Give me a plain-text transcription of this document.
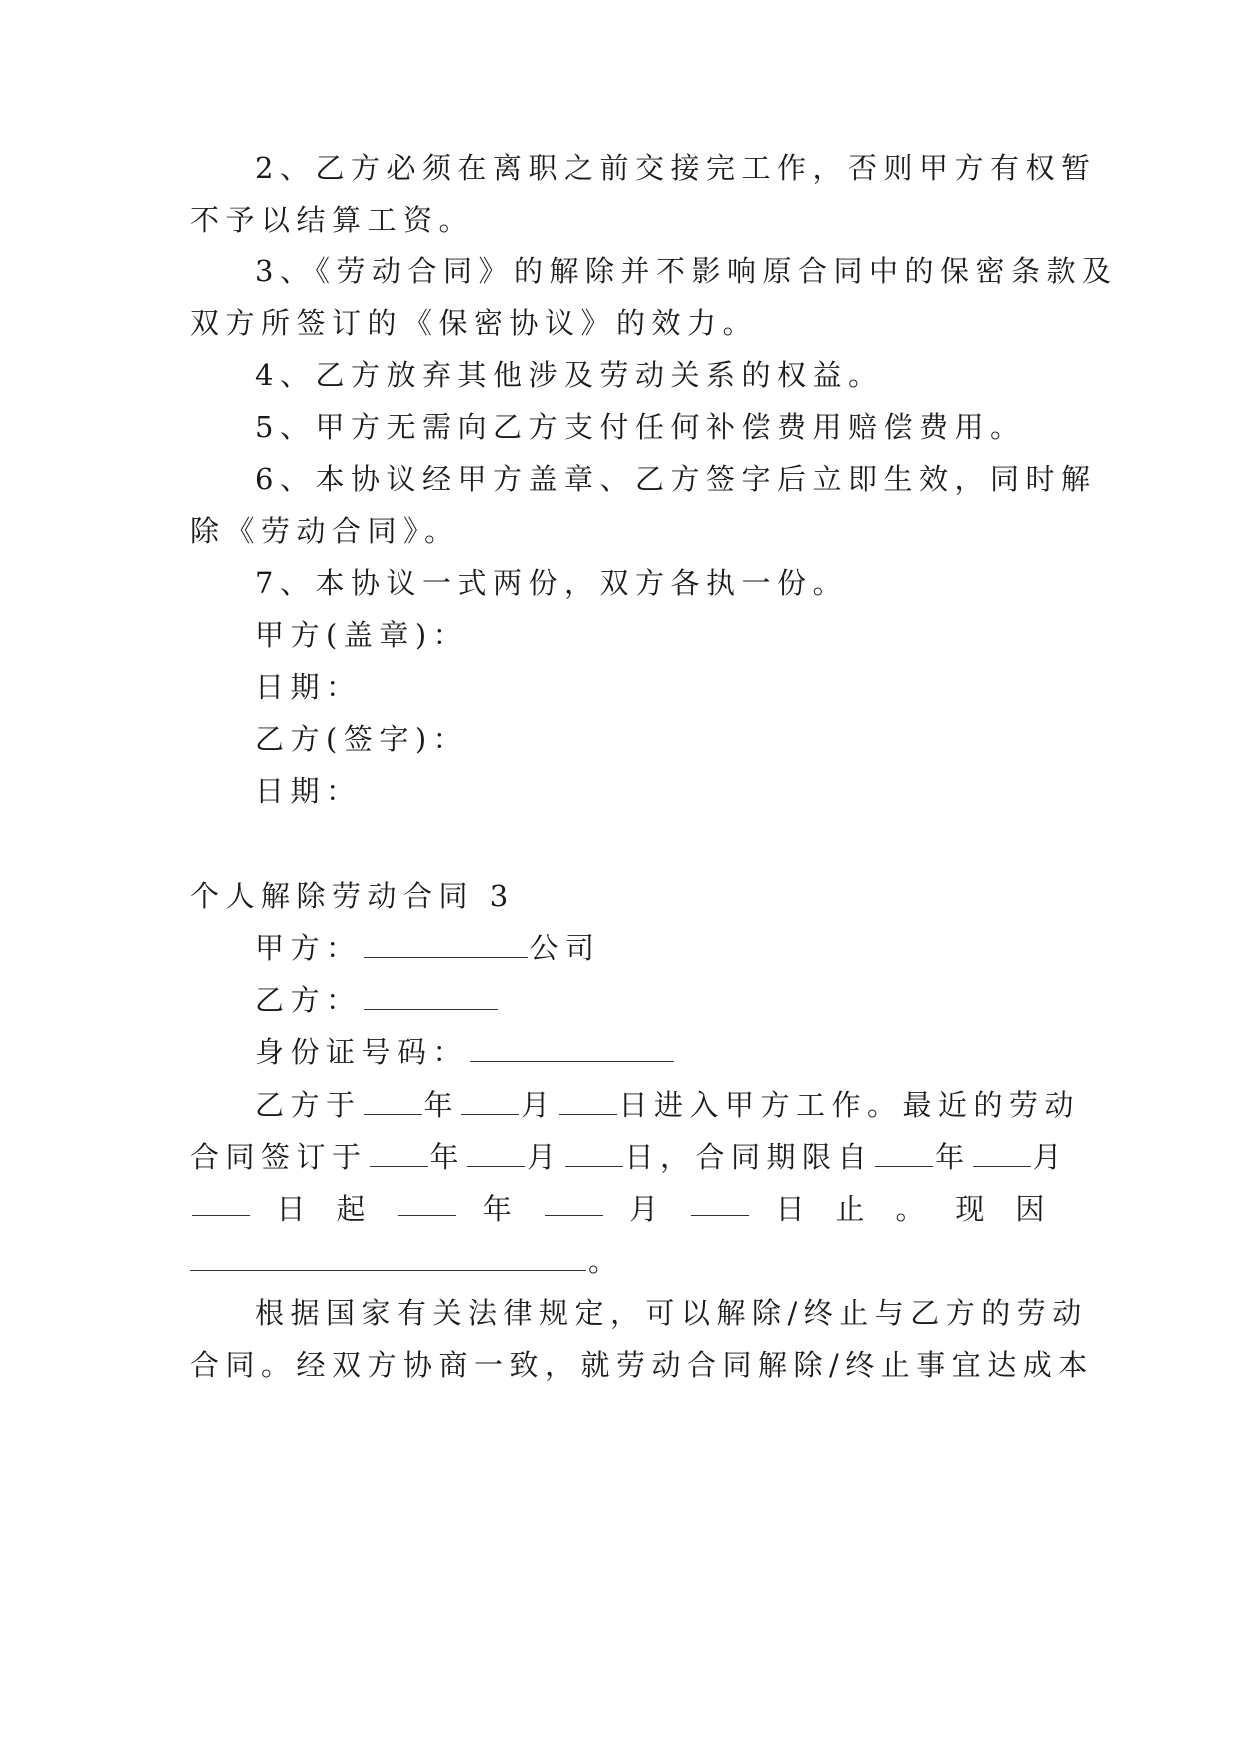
2、乙方必须在离职之前交接完工作，否则甲方有权暂
不予以结算工资。
3、《劳动合同》的解除并不影响原合同中的保密条款及
双方所签订的《保密协议》的效力。
4、乙方放弃其他涉及劳动关系的权益。
5、甲方无需向乙方支付任何补偿费用赔偿费用。
6、本协议经甲方盖章、乙方签字后立即生效，同时解
除《劳动合同》。
7、本协议一式两份，双方各执一份。
甲方(盖章)：
日期：
乙方(签字)：
日期：
个人解除劳动合同 3
甲方：	公司
乙方：
身份证号码：
乙方于 年 月 日进入甲方工作。最近的劳动
合同签订于 年 月 日，合同期限自 年 月
日 起	年	月	日 止 。 现 因
。
根据国家有关法律规定，可以解除/终止与乙方的劳动
合同。经双方协商一致，就劳动合同解除/终止事宜达成本
